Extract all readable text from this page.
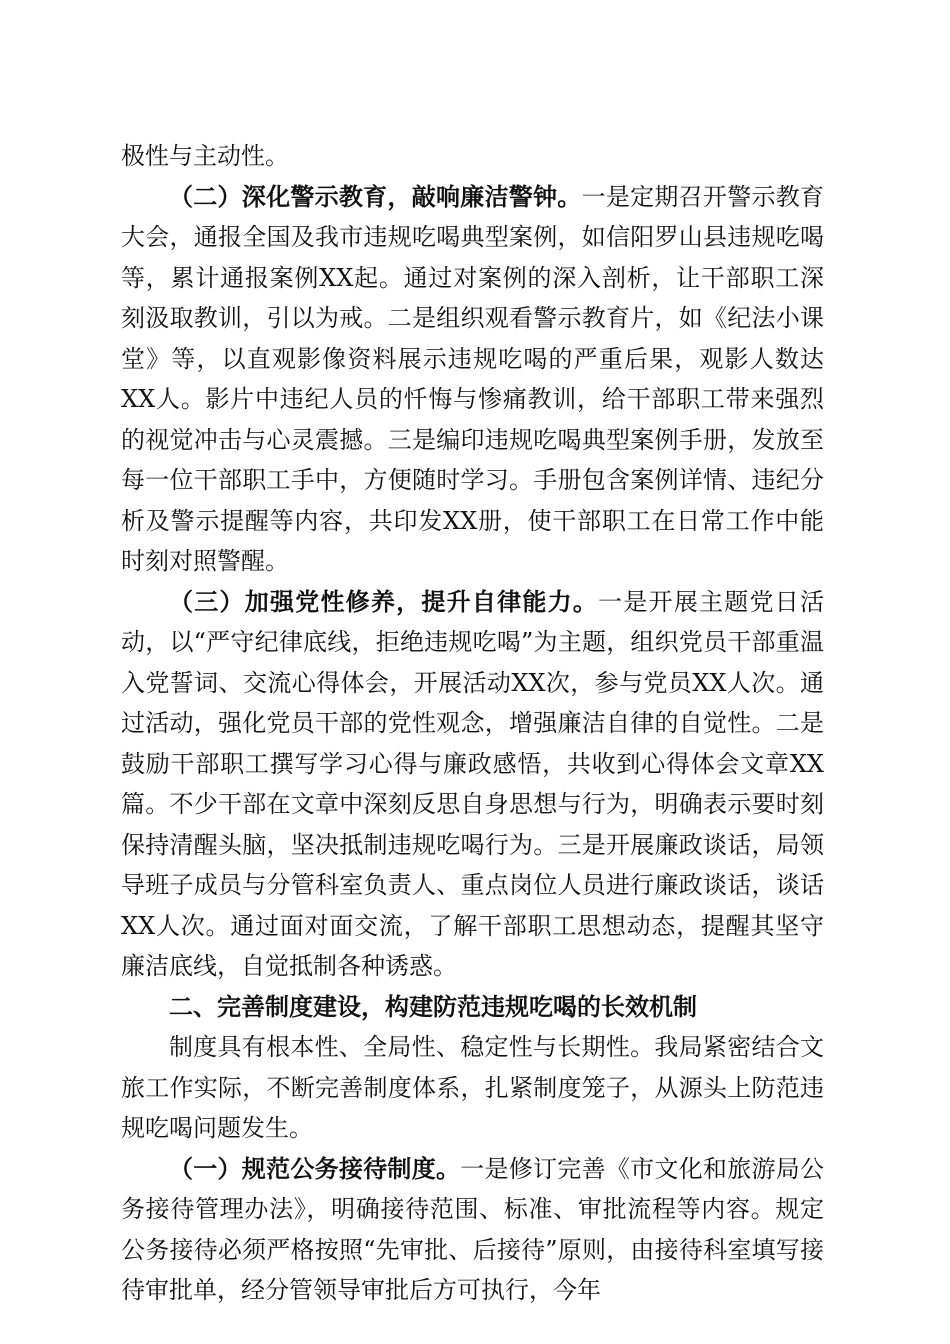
极性与主动性。

（二）深化警示教育，敲响廉洁警钟。一是定期召开警示教育大会，通报全国及我市违规吃喝典型案例，如信阳罗山县违规吃喝等，累计通报案例XX起。通过对案例的深入剖析，让干部职工深刻汲取教训，引以为戒。二是组织观看警示教育片，如《纪法小课堂》等，以直观影像资料展示违规吃喝的严重后果，观影人数达XX人。影片中违纪人员的忏悔与惨痛教训，给干部职工带来强烈的视觉冲击与心灵震撼。三是编印违规吃喝典型案例手册，发放至每一位干部职工手中，方便随时学习。手册包含案例详情、违纪分析及警示提醒等内容，共印发XX册，使干部职工在日常工作中能时刻对照警醒。

（三）加强党性修养，提升自律能力。一是开展主题党日活动，以“严守纪律底线，拒绝违规吃喝”为主题，组织党员干部重温入党誓词、交流心得体会，开展活动XX次，参与党员XX人次。通过活动，强化党员干部的党性观念，增强廉洁自律的自觉性。二是鼓励干部职工撰写学习心得与廉政感悟，共收到心得体会文章XX篇。不少干部在文章中深刻反思自身思想与行为，明确表示要时刻保持清醒头脑，坚决抵制违规吃喝行为。三是开展廉政谈话，局领导班子成员与分管科室负责人、重点岗位人员进行廉政谈话，谈话XX人次。通过面对面交流，了解干部职工思想动态，提醒其坚守廉洁底线，自觉抵制各种诱惑。

二、完善制度建设，构建防范违规吃喝的长效机制

制度具有根本性、全局性、稳定性与长期性。我局紧密结合文旅工作实际，不断完善制度体系，扎紧制度笼子，从源头上防范违规吃喝问题发生。

（一）规范公务接待制度。一是修订完善《市文化和旅游局公务接待管理办法》，明确接待范围、标准、审批流程等内容。规定公务接待必须严格按照“先审批、后接待”原则，由接待科室填写接待审批单，经分管领导审批后方可执行，今年
